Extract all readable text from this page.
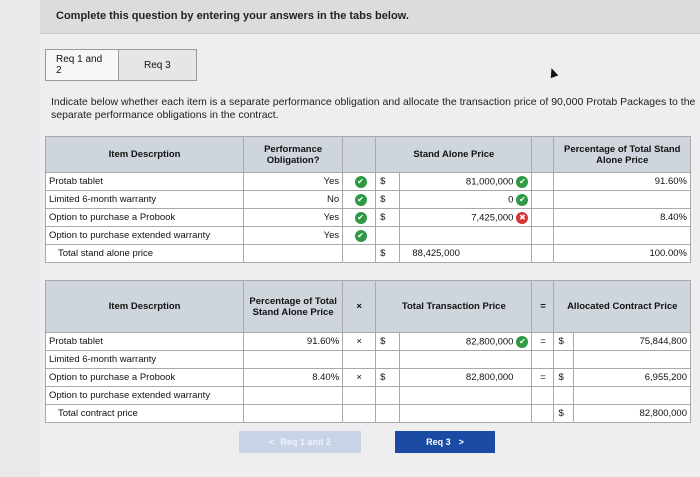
Complete this question by entering your answers in the tabs below.
Req 1 and 2	Req 3
Indicate below whether each item is a separate performance obligation and allocate the transaction price of 90,000 Protab Packages to the separate performance obligations in the contract.
Item Descrption	Performance Obligation?		Stand Alone Price			Percentage of Total Stand Alone Price
Protab tablet	Yes	✔	$	81,000,000 ✔		91.60%
Limited 6-month warranty	No	✔	$	0 ✔		
Option to purchase a Probook	Yes	✔	$	7,425,000 ✖		8.40%
Option to purchase extended warranty	Yes	✔				
Total stand alone price			$	88,425,000		100.00%
Item Descrption	Percentage of Total Stand Alone Price	×	Total Transaction Price		=	Allocated Contract Price	
Protab tablet	91.60%	×	$	82,800,000 ✔	=	$	75,844,800
Limited 6-month warranty							
Option to purchase a Probook	8.40%	×	$	82,800,000	=	$	6,955,200
Option to purchase extended warranty							
Total contract price						$	82,800,000
< Req 1 and 2	Req 3 >
